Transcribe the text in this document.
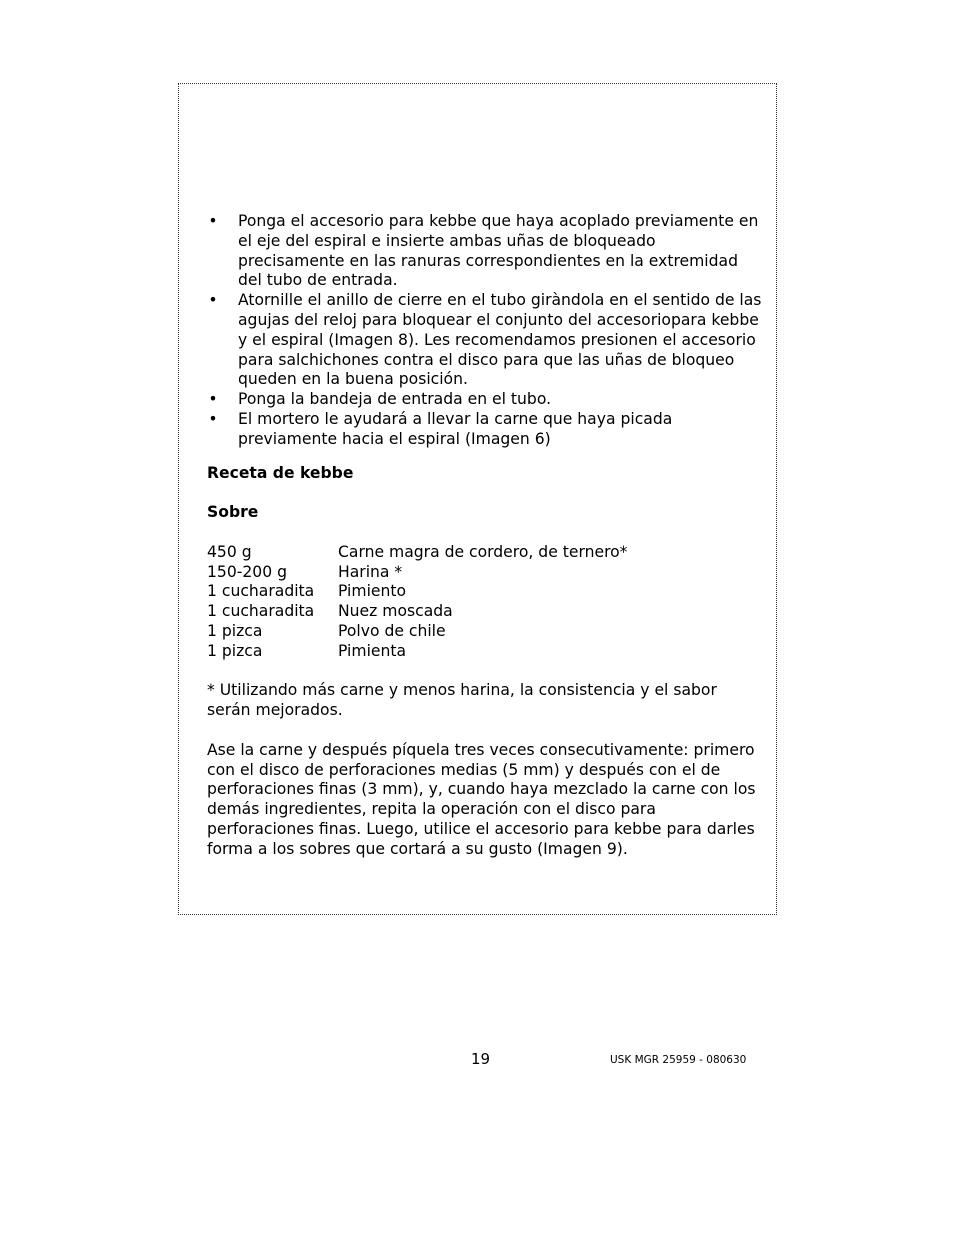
• Ponga el accesorio para kebbe que haya acoplado previamente en el eje del espiral e insierte ambas uñas de bloqueado precisamente en las ranuras correspondientes en la extremidad del tubo de entrada.
• Atornille el anillo de cierre en el tubo giràndola en el sentido de las agujas del reloj para bloquear el conjunto del accesoriopara kebbe y el espiral (Imagen 8). Les recomendamos presionen el accesorio para salchichones contra el disco para que las uñas de bloqueo queden en la buena posición.
• Ponga la bandeja de entrada en el tubo.
• El mortero le ayudará a llevar la carne que haya picada previamente hacia el espiral (Imagen 6)

Receta de kebbe

Sobre

450 g	Carne magra de cordero, de ternero*
150-200 g	Harina *
1 cucharadita	Pimiento
1 cucharadita	Nuez moscada
1 pizca	Polvo de chile
1 pizca	Pimienta

* Utilizando más carne y menos harina, la consistencia y el sabor serán mejorados.

Ase la carne y después píquela tres veces consecutivamente: primero con el disco de perforaciones medias (5 mm) y después con el de perforaciones finas (3 mm), y, cuando haya mezclado la carne con los demás ingredientes, repita la operación con el disco para perforaciones finas. Luego, utilice el accesorio para kebbe para darles forma a los sobres que cortará a su gusto (Imagen 9).

19	USK MGR 25959 - 080630
